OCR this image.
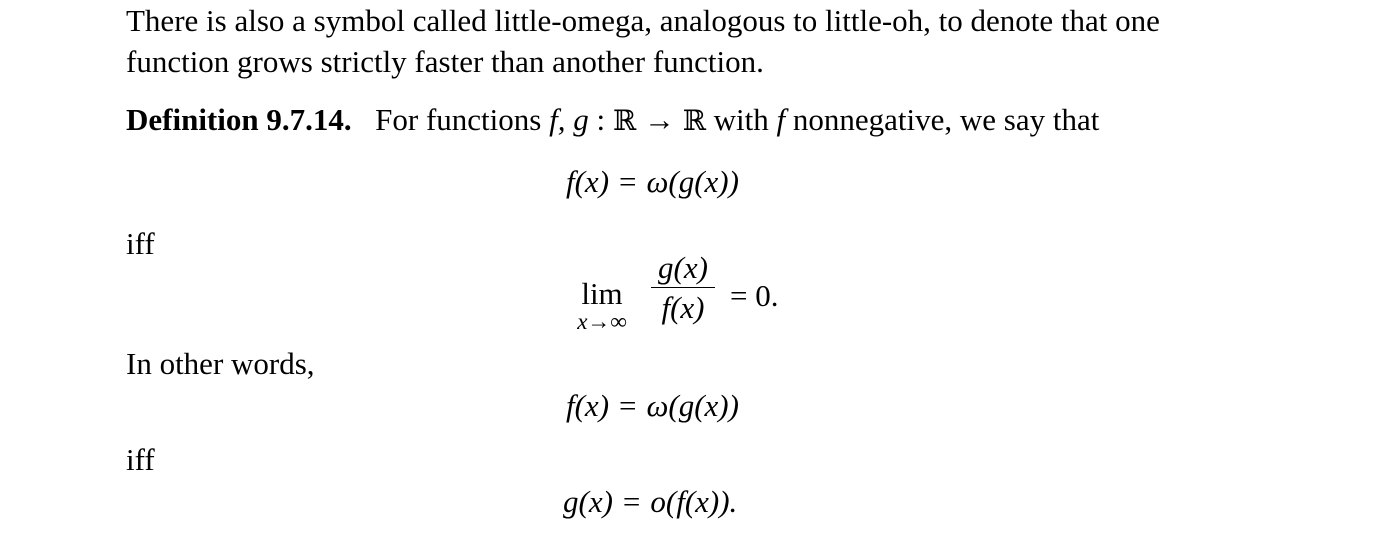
There is also a symbol called little-omega, analogous to little-oh, to denote that one
function grows strictly faster than another function.
Definition 9.7.14. For functions f, g : ℝ → ℝ with f nonnegative, we say that
f(x) = ω(g(x))
iff
lim
x→∞
g(x)
f(x) = 0.
In other words,
f(x) = ω(g(x))
iff
g(x) = o(f(x)).
